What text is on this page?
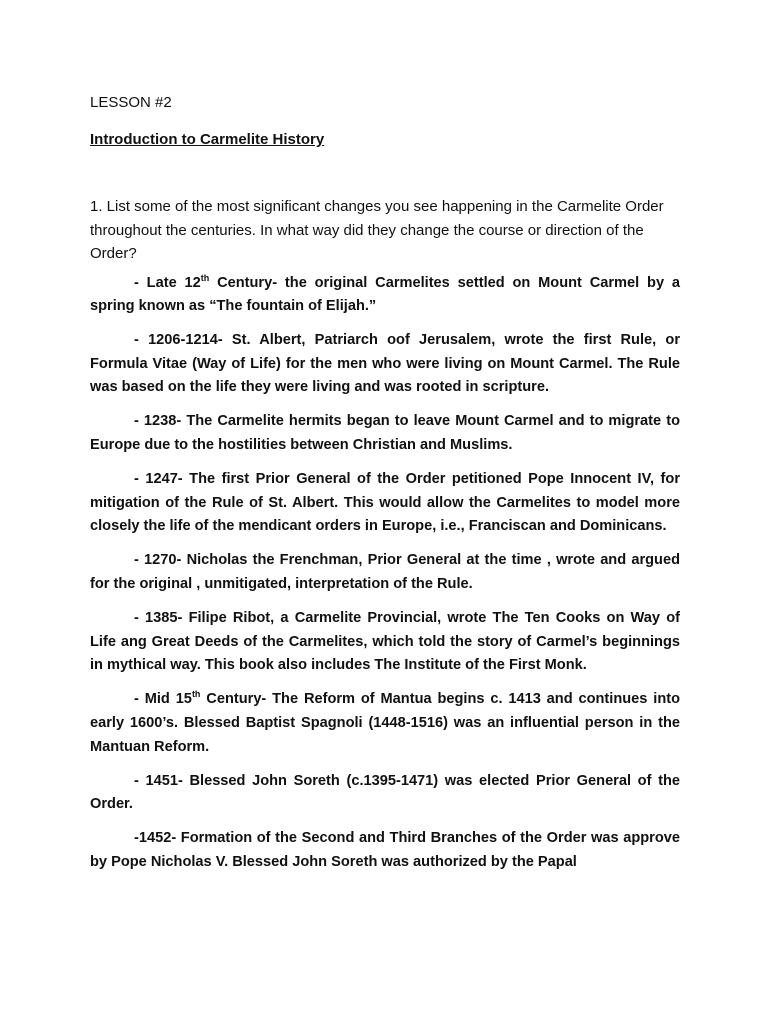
LESSON #2

Introduction to Carmelite History

1. List some of the most significant changes you see happening in the Carmelite Order throughout the centuries. In what way did they change the course or direction of the Order?

- Late 12th Century- the original Carmelites settled on Mount Carmel by a spring known as “The fountain of Elijah.”

- 1206-1214- St. Albert, Patriarch oof Jerusalem, wrote the first Rule, or Formula Vitae (Way of Life) for the men who were living on Mount Carmel. The Rule was based on the life they were living and was rooted in scripture.

- 1238- The Carmelite hermits began to leave Mount Carmel and to migrate to Europe due to the hostilities between Christian and Muslims.

- 1247- The first Prior General of the Order petitioned Pope Innocent IV, for mitigation of the Rule of St. Albert. This would allow the Carmelites to model more closely the life of the mendicant orders in Europe, i.e., Franciscan and Dominicans.

- 1270- Nicholas the Frenchman, Prior General at the time , wrote and argued for the original , unmitigated, interpretation of the Rule.

- 1385- Filipe Ribot, a Carmelite Provincial, wrote The Ten Cooks on Way of Life ang Great Deeds of the Carmelites, which told the story of Carmel’s beginnings in mythical way. This book also includes The Institute of the First Monk.

- Mid 15th Century- The Reform of Mantua begins c. 1413 and continues into early 1600’s. Blessed Baptist Spagnoli (1448-1516) was an influential person in the Mantuan Reform.

- 1451- Blessed John Soreth (c.1395-1471) was elected Prior General of the Order.

-1452- Formation of the Second and Third Branches of the Order was approve by Pope Nicholas V. Blessed John Soreth was authorized by the Papal
